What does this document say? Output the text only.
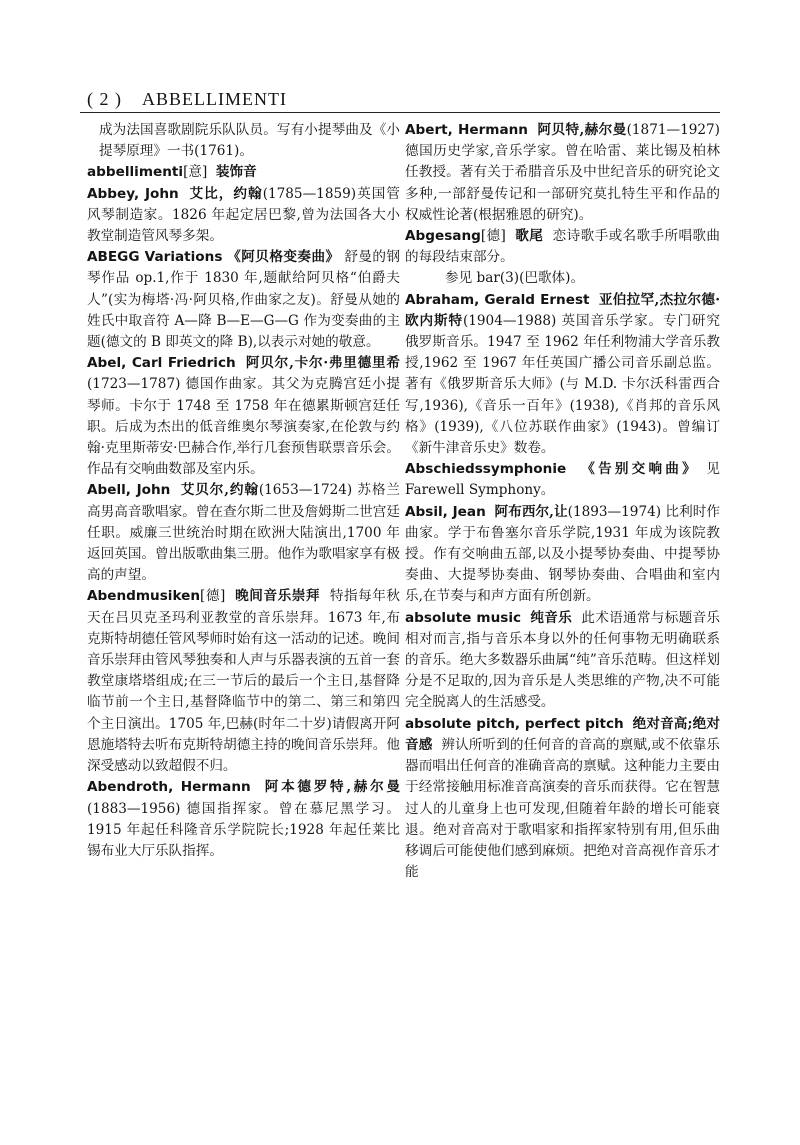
( 2 ) ABBELLIMENTI

成为法国喜歌剧院乐队队员。写有小提琴曲及《小提琴原理》一书(1761)。

abbellimenti[意] 装饰音

Abbey, John 艾比，约翰(1785—1859)英国管风琴制造家。1826 年起定居巴黎,曾为法国各大小教堂制造管风琴多架。

ABEGG Variations 《阿贝格变奏曲》 舒曼的钢琴作品 op.1,作于 1830 年,题献给阿贝格“伯爵夫人”(实为梅塔·冯·阿贝格,作曲家之友)。舒曼从她的姓氏中取音符 A—降 B—E—G—G 作为变奏曲的主题(德文的 B 即英文的降 B),以表示对她的敬意。

Abel, Carl Friedrich 阿贝尔,卡尔·弗里德里希(1723—1787) 德国作曲家。其父为克腾宫廷小提琴师。卡尔于 1748 至 1758 年在德累斯顿宫廷任职。后成为杰出的低音维奥尔琴演奏家,在伦敦与约翰·克里斯蒂安·巴赫合作,举行几套预售联票音乐会。作品有交响曲数部及室内乐。

Abell, John 艾贝尔,约翰(1653—1724) 苏格兰高男高音歌唱家。曾在查尔斯二世及詹姆斯二世宫廷任职。威廉三世统治时期在欧洲大陆演出,1700 年返回英国。曾出版歌曲集三册。他作为歌唱家享有极高的声望。

Abendmusiken[德] 晚间音乐崇拜 特指每年秋天在吕贝克圣玛利亚教堂的音乐崇拜。1673 年,布克斯特胡德任管风琴师时始有这一活动的记述。晚间音乐崇拜由管风琴独奏和人声与乐器表演的五首一套教堂康塔塔组成;在三一节后的最后一个主日,基督降临节前一个主日,基督降临节中的第二、第三和第四个主日演出。1705 年,巴赫(时年二十岁)请假离开阿恩施塔特去听布克斯特胡德主持的晚间音乐崇拜。他深受感动以致超假不归。

Abendroth, Hermann 阿本德罗特,赫尔曼(1883—1956) 德国指挥家。曾在慕尼黑学习。1915 年起任科隆音乐学院院长;1928 年起任莱比锡布业大厅乐队指挥。

Abert, Hermann 阿贝特,赫尔曼(1871—1927) 德国历史学家,音乐学家。曾在哈雷、莱比锡及柏林任教授。著有关于希腊音乐及中世纪音乐的研究论文多种,一部舒曼传记和一部研究莫扎特生平和作品的权威性论著(根据雅恩的研究)。

Abgesang[德] 歌尾 恋诗歌手或名歌手所唱歌曲的每段结束部分。

参见 bar(3)(巴歌体)。

Abraham, Gerald Ernest 亚伯拉罕,杰拉尔德·欧内斯特(1904—1988) 英国音乐学家。专门研究俄罗斯音乐。1947 至 1962 年任利物浦大学音乐教授,1962 至 1967 年任英国广播公司音乐副总监。著有《俄罗斯音乐大师》(与 M.D. 卡尔沃科雷西合写,1936),《音乐一百年》(1938),《肖邦的音乐风格》(1939),《八位苏联作曲家》(1943)。曾编订《新牛津音乐史》数卷。

Abschiedssymphonie 《告别交响曲》 见 Farewell Symphony。

Absil, Jean 阿布西尔,让(1893—1974) 比利时作曲家。学于布鲁塞尔音乐学院,1931 年成为该院教授。作有交响曲五部,以及小提琴协奏曲、中提琴协奏曲、大提琴协奏曲、钢琴协奏曲、合唱曲和室内乐,在节奏与和声方面有所创新。

absolute music 纯音乐 此术语通常与标题音乐相对而言,指与音乐本身以外的任何事物无明确联系的音乐。绝大多数器乐曲属“纯”音乐范畴。但这样划分是不足取的,因为音乐是人类思维的产物,决不可能完全脱离人的生活感受。

absolute pitch, perfect pitch 绝对音高;绝对音感 辨认所听到的任何音的音高的禀赋,或不依靠乐器而唱出任何音的准确音高的禀赋。这种能力主要由于经常接触用标准音高演奏的音乐而获得。它在智慧过人的儿童身上也可发现,但随着年龄的增长可能衰退。绝对音高对于歌唱家和指挥家特别有用,但乐曲移调后可能使他们感到麻烦。把绝对音高视作音乐才能
